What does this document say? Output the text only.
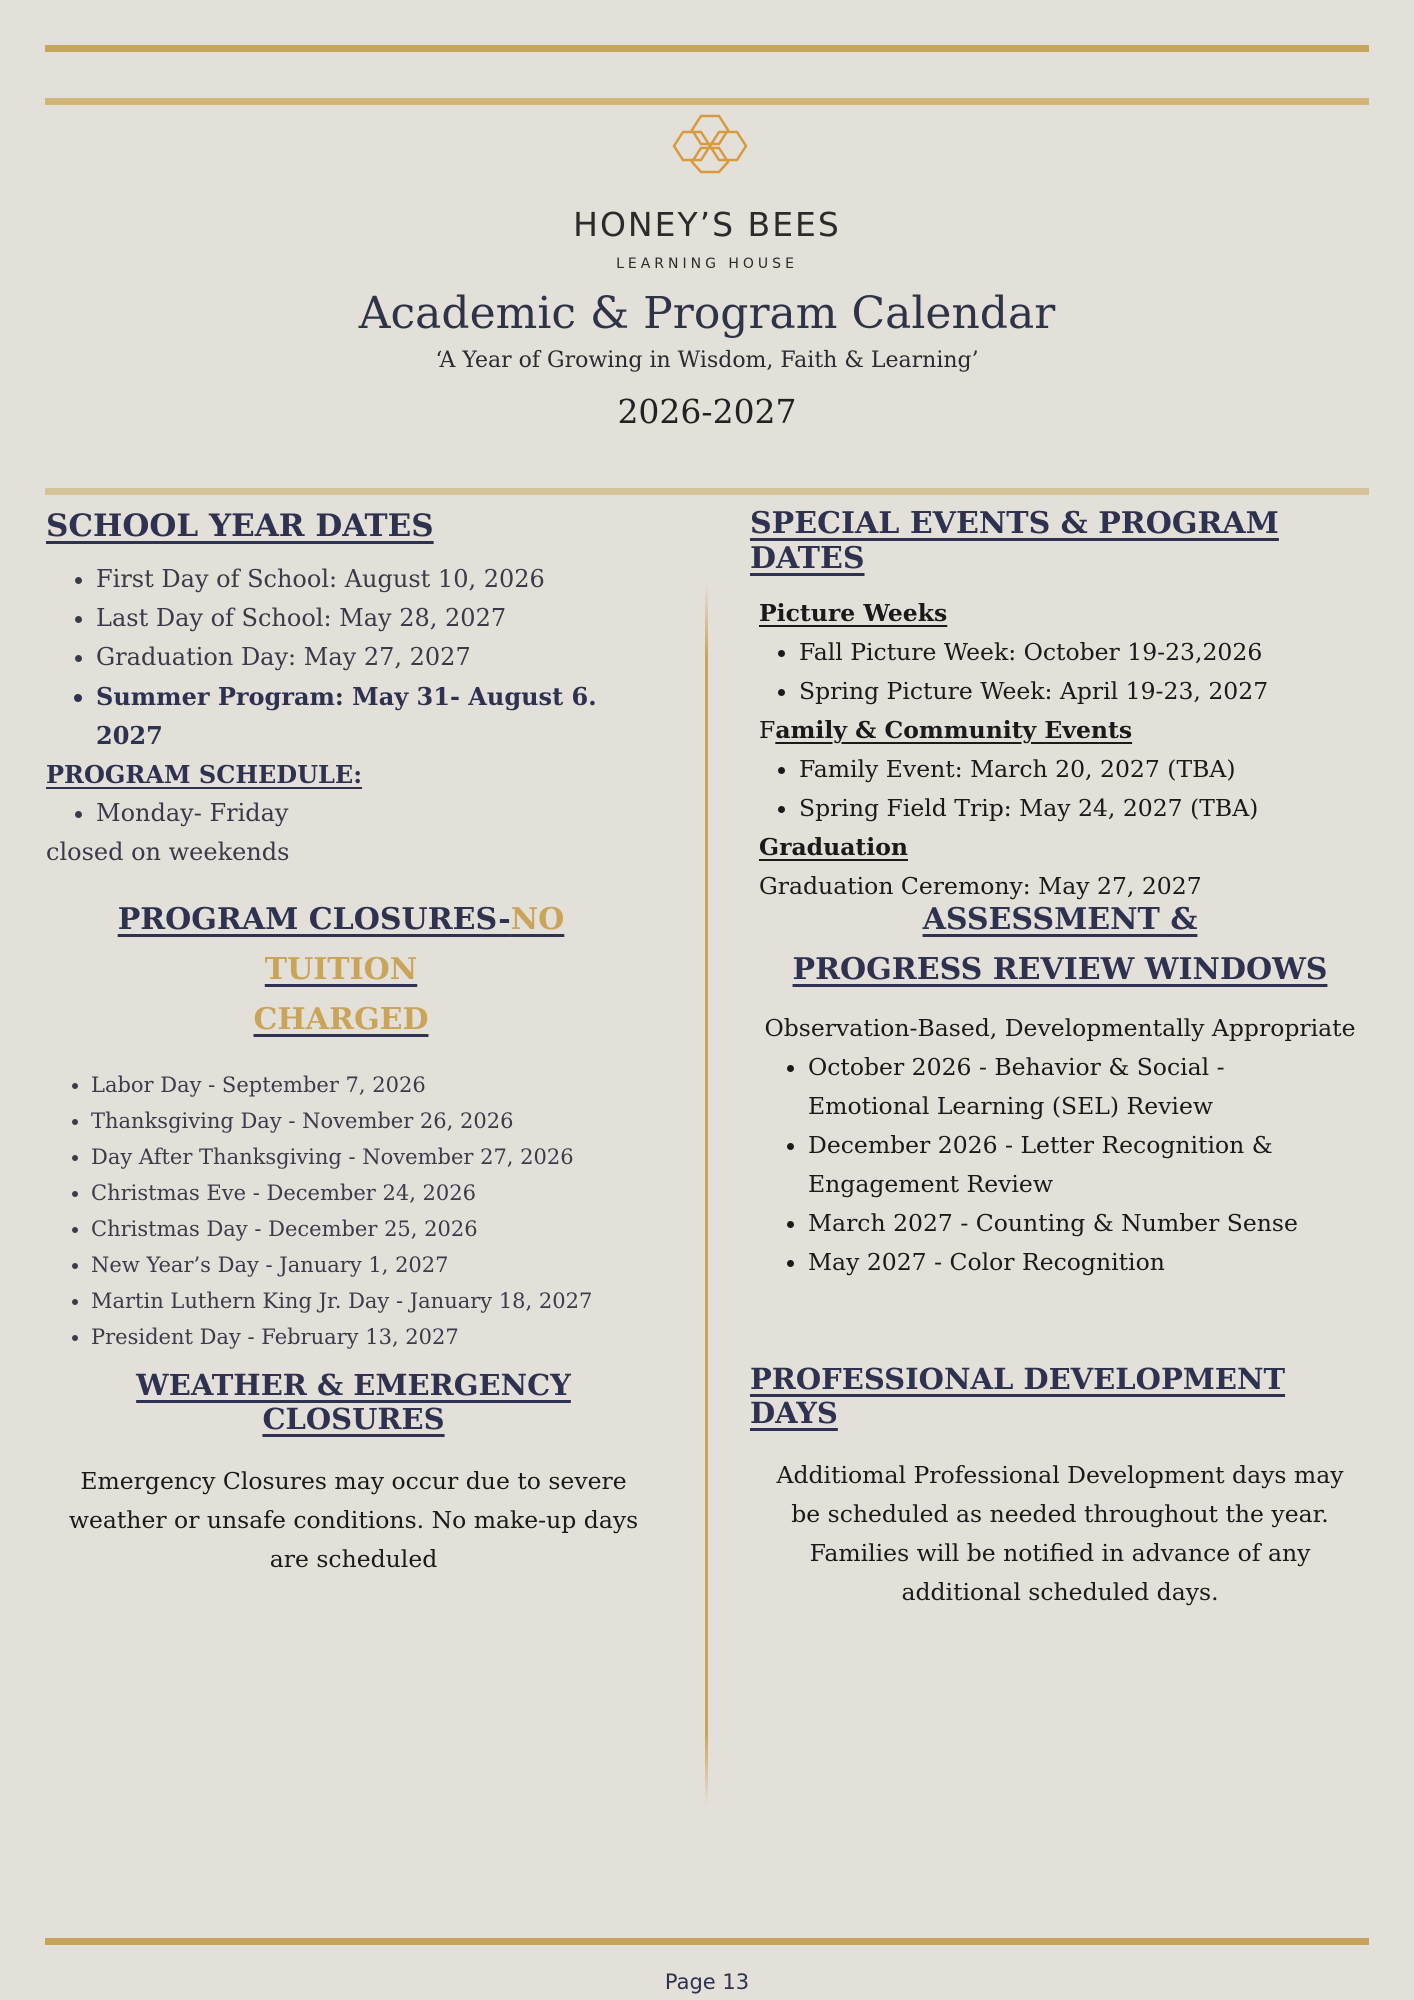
HONEY’S BEES
LEARNING HOUSE
Academic & Program Calendar
‘A Year of Growing in Wisdom, Faith & Learning’
2026-2027
SCHOOL YEAR DATES
• First Day of School: August 10, 2026
• Last Day of School: May 28, 2027
• Graduation Day: May 27, 2027
• Summer Program: May 31- August 6. 2027
PROGRAM SCHEDULE:
• Monday- Friday
closed on weekends
PROGRAM CLOSURES-NO TUITION
CHARGED
• Labor Day - September 7, 2026
• Thanksgiving Day - November 26, 2026
• Day After Thanksgiving - November 27, 2026
• Christmas Eve - December 24, 2026
• Christmas Day - December 25, 2026
• New Year’s Day - January 1, 2027
• Martin Luthern King Jr. Day - January 18, 2027
• President Day - February 13, 2027
WEATHER & EMERGENCY CLOSURES
Emergency Closures may occur due to severe weather or unsafe conditions. No make-up days are scheduled
SPECIAL EVENTS & PROGRAM DATES
Picture Weeks
• Fall Picture Week: October 19-23,2026
• Spring Picture Week: April 19-23, 2027
Family & Community Events
• Family Event: March 20, 2027 (TBA)
• Spring Field Trip: May 24, 2027 (TBA)
Graduation
Graduation Ceremony: May 27, 2027
ASSESSMENT &
PROGRESS REVIEW WINDOWS
Observation-Based, Developmentally Appropriate
• October 2026 - Behavior & Social - Emotional Learning (SEL) Review
• December 2026 - Letter Recognition & Engagement Review
• March 2027 - Counting & Number Sense
• May 2027 - Color Recognition
PROFESSIONAL DEVELOPMENT DAYS
Additiomal Professional Development days may be scheduled as needed throughout the year. Families will be notified in advance of any additional scheduled days.
Page 13
